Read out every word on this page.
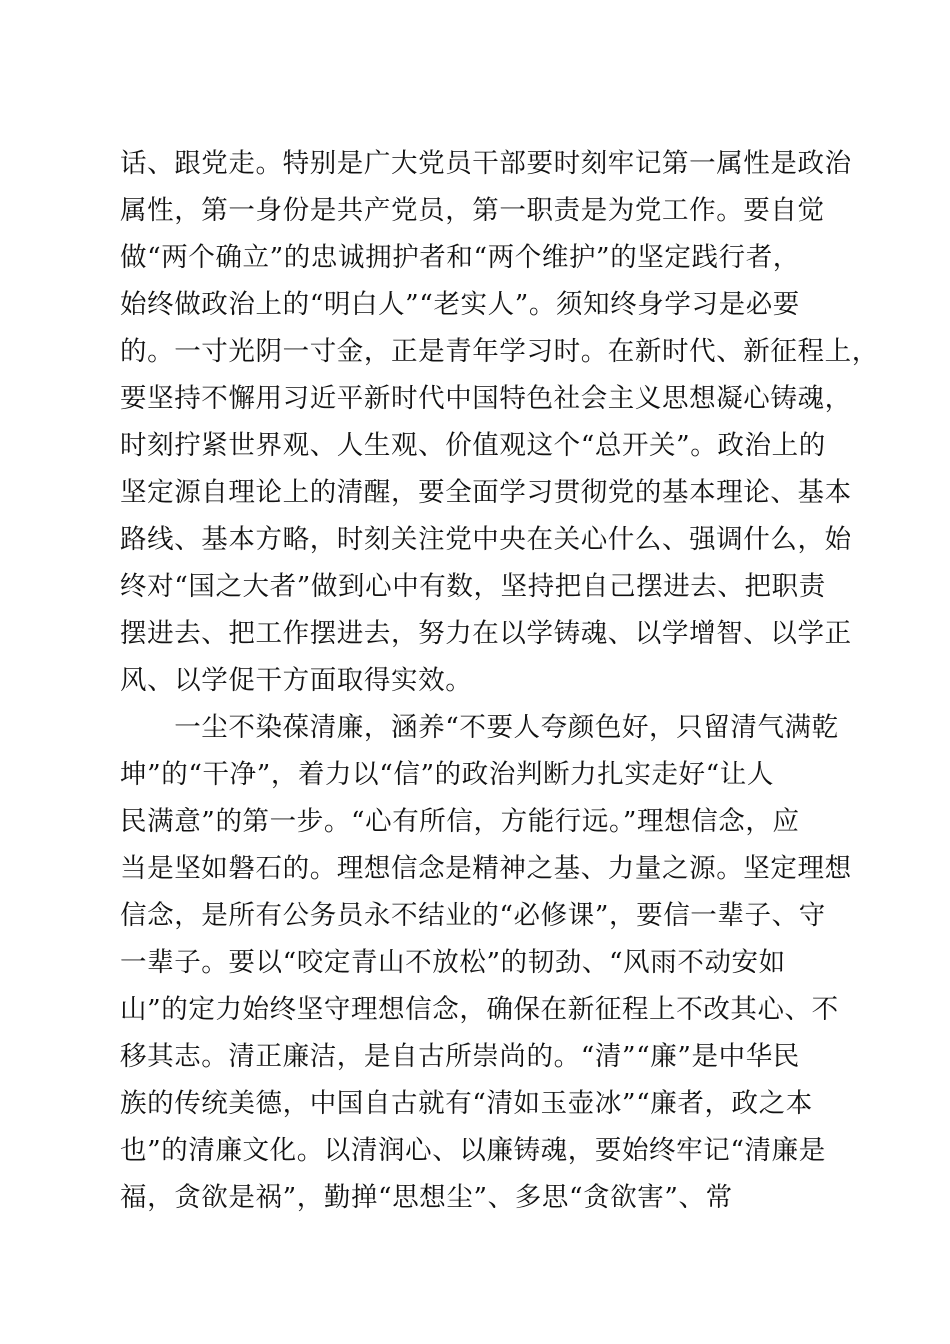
话、跟党走。特别是广大党员干部要时刻牢记第一属性是政治
属性，第一身份是共产党员，第一职责是为党工作。要自觉
做“两个确立”的忠诚拥护者和“两个维护”的坚定践行者，
始终做政治上的“明白人”“老实人”。须知终身学习是必要
的。一寸光阴一寸金，正是青年学习时。在新时代、新征程上，
要坚持不懈用习近平新时代中国特色社会主义思想凝心铸魂，
时刻拧紧世界观、人生观、价值观这个“总开关”。政治上的
坚定源自理论上的清醒，要全面学习贯彻党的基本理论、基本
路线、基本方略，时刻关注党中央在关心什么、强调什么，始
终对“国之大者”做到心中有数，坚持把自己摆进去、把职责
摆进去、把工作摆进去，努力在以学铸魂、以学增智、以学正
风、以学促干方面取得实效。
　　一尘不染葆清廉，涵养“不要人夸颜色好，只留清气满乾
坤”的“干净”，着力以“信”的政治判断力扎实走好“让人
民满意”的第一步。“心有所信，方能行远。”理想信念，应
当是坚如磐石的。理想信念是精神之基、力量之源。坚定理想
信念，是所有公务员永不结业的“必修课”，要信一辈子、守
一辈子。要以“咬定青山不放松”的韧劲、“风雨不动安如
山”的定力始终坚守理想信念，确保在新征程上不改其心、不
移其志。清正廉洁，是自古所崇尚的。“清”“廉”是中华民
族的传统美德，中国自古就有“清如玉壶冰”“廉者，政之本
也”的清廉文化。以清润心、以廉铸魂，要始终牢记“清廉是
福，贪欲是祸”，勤掸“思想尘”、多思“贪欲害”、常
